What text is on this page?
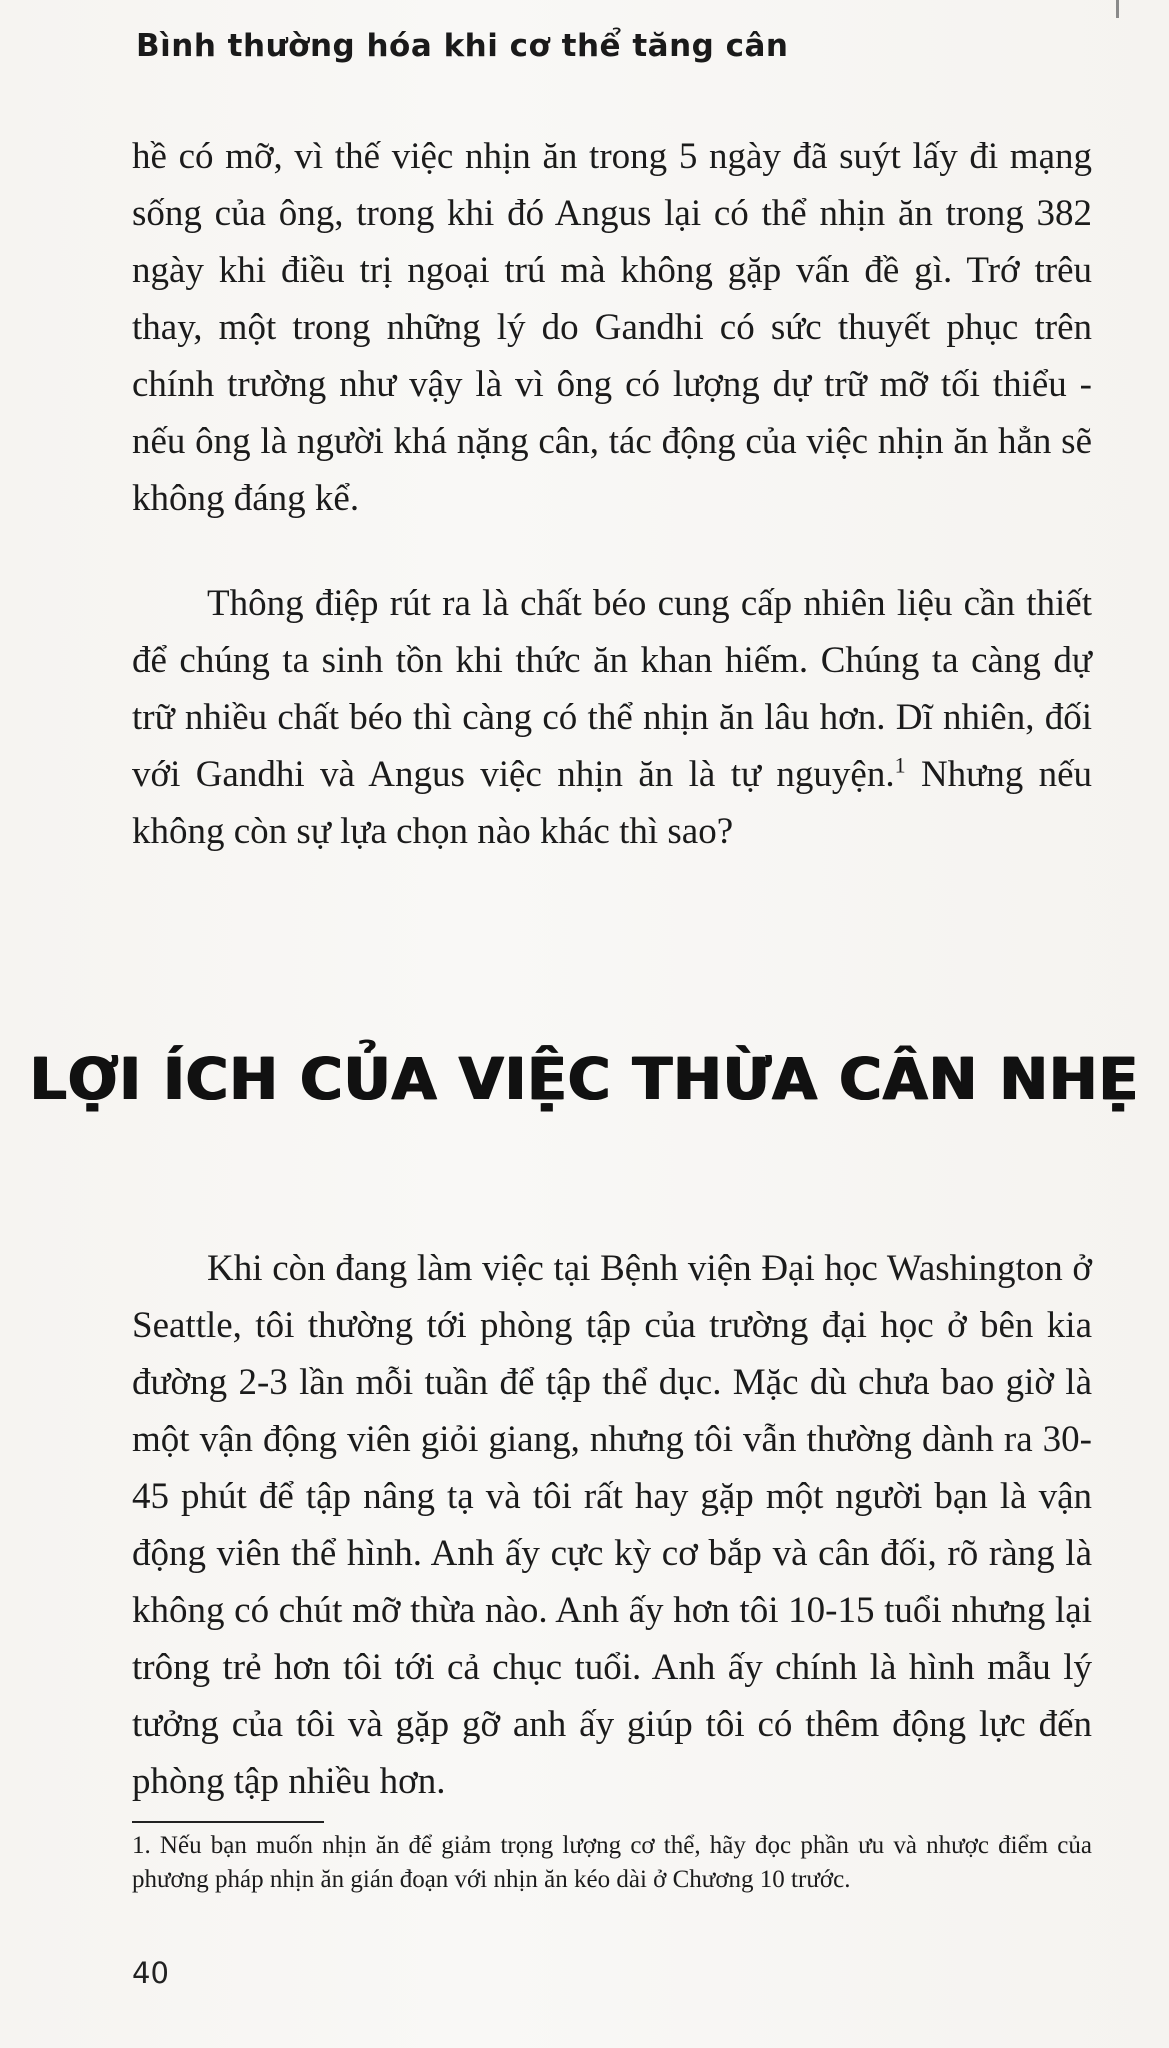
Bình thường hóa khi cơ thể tăng cân

hề có mỡ, vì thế việc nhịn ăn trong 5 ngày đã suýt lấy đi mạng sống của ông, trong khi đó Angus lại có thể nhịn ăn trong 382 ngày khi điều trị ngoại trú mà không gặp vấn đề gì. Trớ trêu thay, một trong những lý do Gandhi có sức thuyết phục trên chính trường như vậy là vì ông có lượng dự trữ mỡ tối thiểu - nếu ông là người khá nặng cân, tác động của việc nhịn ăn hẳn sẽ không đáng kể.

Thông điệp rút ra là chất béo cung cấp nhiên liệu cần thiết để chúng ta sinh tồn khi thức ăn khan hiếm. Chúng ta càng dự trữ nhiều chất béo thì càng có thể nhịn ăn lâu hơn. Dĩ nhiên, đối với Gandhi và Angus việc nhịn ăn là tự nguyện.$^1$ Nhưng nếu không còn sự lựa chọn nào khác thì sao?

LỢI ÍCH CỦA VIỆC THỪA CÂN NHẸ

Khi còn đang làm việc tại Bệnh viện Đại học Washington ở Seattle, tôi thường tới phòng tập của trường đại học ở bên kia đường 2-3 lần mỗi tuần để tập thể dục. Mặc dù chưa bao giờ là một vận động viên giỏi giang, nhưng tôi vẫn thường dành ra 30-45 phút để tập nâng tạ và tôi rất hay gặp một người bạn là vận động viên thể hình. Anh ấy cực kỳ cơ bắp và cân đối, rõ ràng là không có chút mỡ thừa nào. Anh ấy hơn tôi 10-15 tuổi nhưng lại trông trẻ hơn tôi tới cả chục tuổi. Anh ấy chính là hình mẫu lý tưởng của tôi và gặp gỡ anh ấy giúp tôi có thêm động lực đến phòng tập nhiều hơn.

1. Nếu bạn muốn nhịn ăn để giảm trọng lượng cơ thể, hãy đọc phần ưu và nhược điểm của phương pháp nhịn ăn gián đoạn với nhịn ăn kéo dài ở Chương 10 trước.

40
